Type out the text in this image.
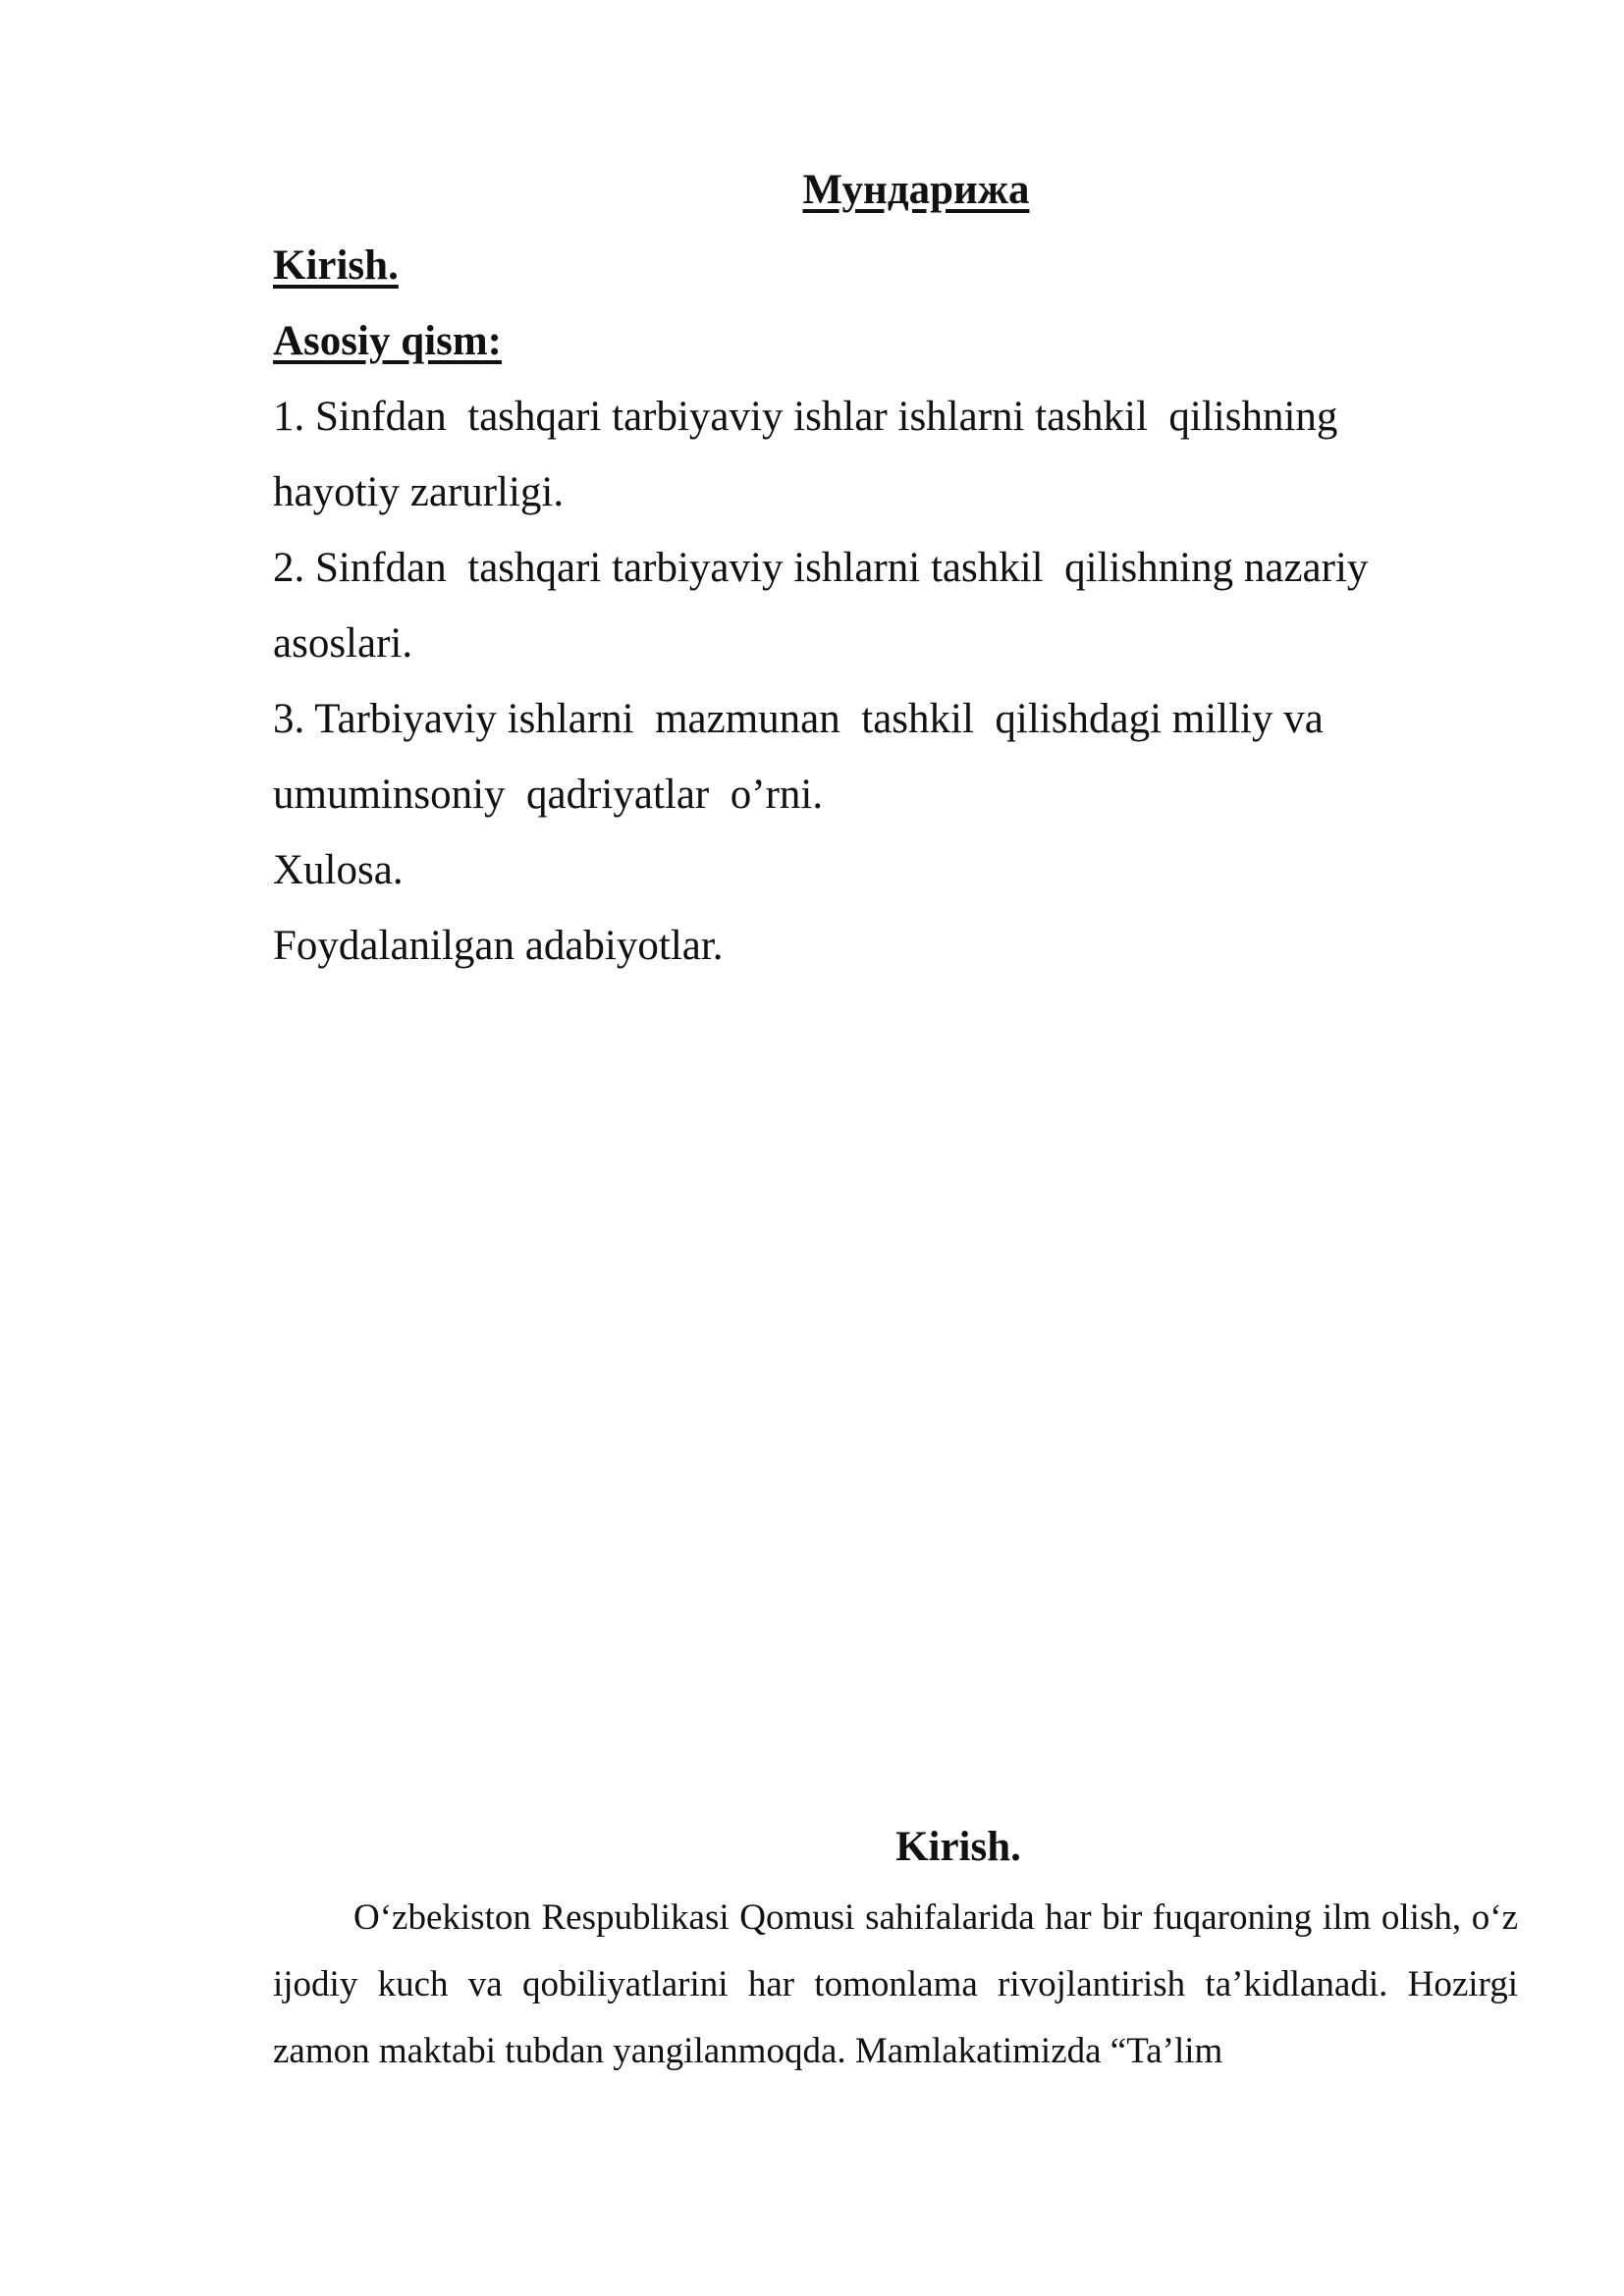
Мундарижа
Kirish.
Asosiy qism:
1. Sinfdan  tashqari tarbiyaviy ishlar ishlarni tashkil  qilishning
hayotiy zarurligi.
2. Sinfdan  tashqari tarbiyaviy ishlarni tashkil  qilishning nazariy
asoslari.
3. Tarbiyaviy ishlarni  mazmunan  tashkil  qilishdagi milliy va
umuminsoniy  qadriyatlar  o’rni.
Xulosa.
Foydalanilgan adabiyotlar.
Kirish.
O‘zbekiston Respublikasi Qomusi sahifalarida har bir fuqaroning ilm olish, o‘z ijodiy kuch va qobiliyatlarini har tomonlama rivojlantirish ta’kidlanadi. Hozirgi zamon maktabi tubdan yangilanmoqda. Mamlakatimizda “Ta’lim
